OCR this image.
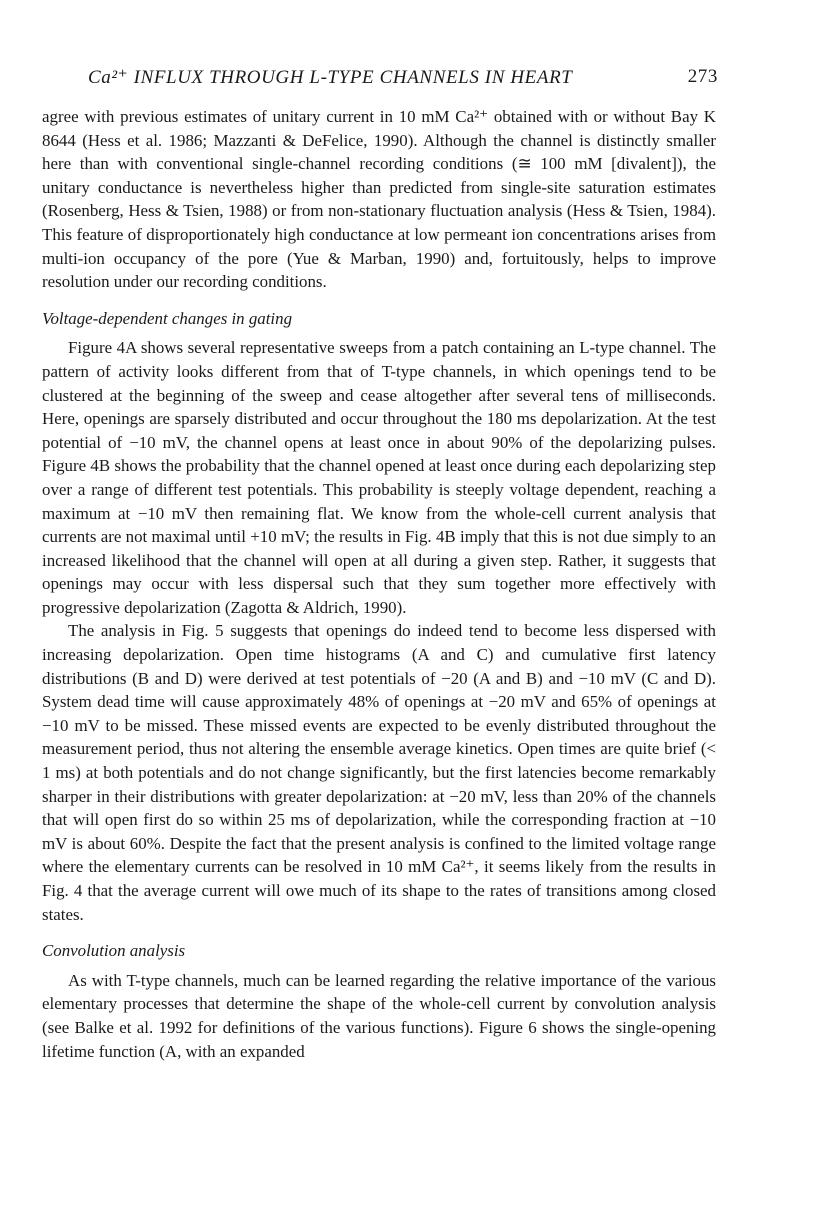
Ca²⁺ INFLUX THROUGH L-TYPE CHANNELS IN HEART	273

agree with previous estimates of unitary current in 10 mM Ca²⁺ obtained with or without Bay K 8644 (Hess et al. 1986; Mazzanti & DeFelice, 1990). Although the channel is distinctly smaller here than with conventional single-channel recording conditions (≅ 100 mM [divalent]), the unitary conductance is nevertheless higher than predicted from single-site saturation estimates (Rosenberg, Hess & Tsien, 1988) or from non-stationary fluctuation analysis (Hess & Tsien, 1984). This feature of disproportionately high conductance at low permeant ion concentrations arises from multi-ion occupancy of the pore (Yue & Marban, 1990) and, fortuitously, helps to improve resolution under our recording conditions.

Voltage-dependent changes in gating

Figure 4A shows several representative sweeps from a patch containing an L-type channel. The pattern of activity looks different from that of T-type channels, in which openings tend to be clustered at the beginning of the sweep and cease altogether after several tens of milliseconds. Here, openings are sparsely distributed and occur throughout the 180 ms depolarization. At the test potential of −10 mV, the channel opens at least once in about 90% of the depolarizing pulses. Figure 4B shows the probability that the channel opened at least once during each depolarizing step over a range of different test potentials. This probability is steeply voltage dependent, reaching a maximum at −10 mV then remaining flat. We know from the whole-cell current analysis that currents are not maximal until +10 mV; the results in Fig. 4B imply that this is not due simply to an increased likelihood that the channel will open at all during a given step. Rather, it suggests that openings may occur with less dispersal such that they sum together more effectively with progressive depolarization (Zagotta & Aldrich, 1990).

The analysis in Fig. 5 suggests that openings do indeed tend to become less dispersed with increasing depolarization. Open time histograms (A and C) and cumulative first latency distributions (B and D) were derived at test potentials of −20 (A and B) and −10 mV (C and D). System dead time will cause approximately 48% of openings at −20 mV and 65% of openings at −10 mV to be missed. These missed events are expected to be evenly distributed throughout the measurement period, thus not altering the ensemble average kinetics. Open times are quite brief (< 1 ms) at both potentials and do not change significantly, but the first latencies become remarkably sharper in their distributions with greater depolarization: at −20 mV, less than 20% of the channels that will open first do so within 25 ms of depolarization, while the corresponding fraction at −10 mV is about 60%. Despite the fact that the present analysis is confined to the limited voltage range where the elementary currents can be resolved in 10 mM Ca²⁺, it seems likely from the results in Fig. 4 that the average current will owe much of its shape to the rates of transitions among closed states.

Convolution analysis

As with T-type channels, much can be learned regarding the relative importance of the various elementary processes that determine the shape of the whole-cell current by convolution analysis (see Balke et al. 1992 for definitions of the various functions). Figure 6 shows the single-opening lifetime function (A, with an expanded
